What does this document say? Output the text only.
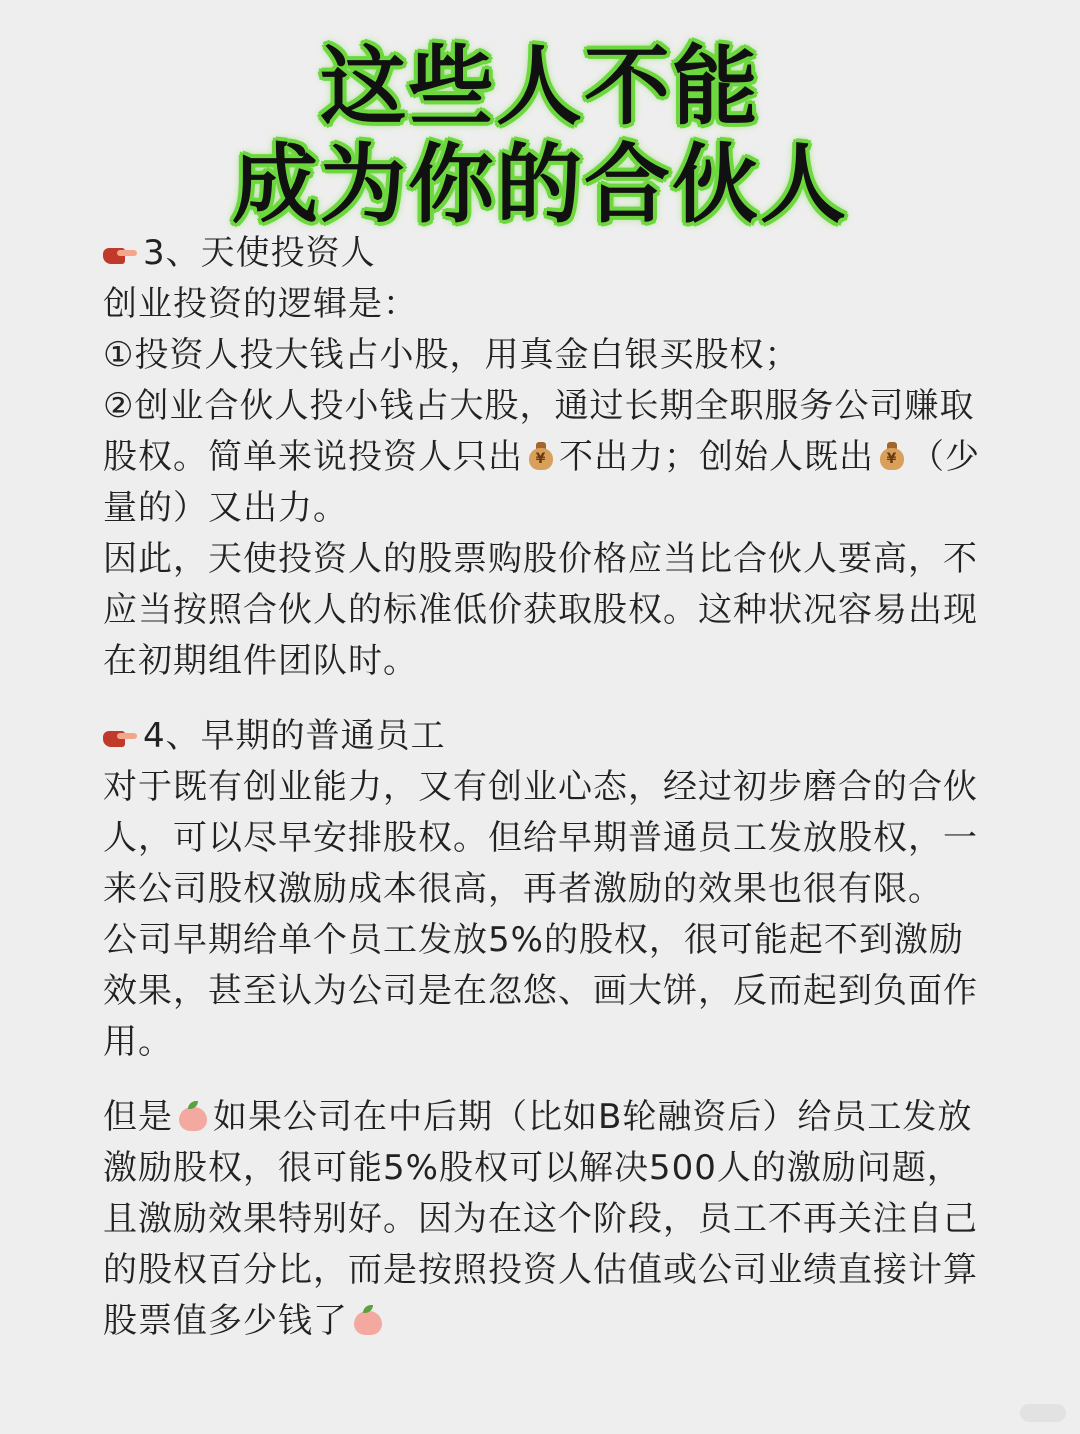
这些人不能
成为你的合伙人
3、天使投资人

创业投资的逻辑是：

①投资人投大钱占小股，用真金白银买股权；

②创业合伙人投小钱占大股，通过长期全职服务公司赚取股权。简单来说投资人只出 ¥ 不出力；创始人既出 ¥ （少量的）又出力。

因此，天使投资人的股票购股价格应当比合伙人要高，不应当按照合伙人的标准低价获取股权。这种状况容易出现在初期组件团队时。

4、早期的普通员工

对于既有创业能力，又有创业心态，经过初步磨合的合伙人，可以尽早安排股权。但给早期普通员工发放股权，一来公司股权激励成本很高，再者激励的效果也很有限。

公司早期给单个员工发放5%的股权，很可能起不到激励效果，甚至认为公司是在忽悠、画大饼，反而起到负面作用。

但是 如果公司在中后期（比如B轮融资后）给员工发放激励股权，很可能5%股权可以解决500人的激励问题，且激励效果特别好。因为在这个阶段，员工不再关注自己的股权百分比，而是按照投资人估值或公司业绩直接计算股票值多少钱了
